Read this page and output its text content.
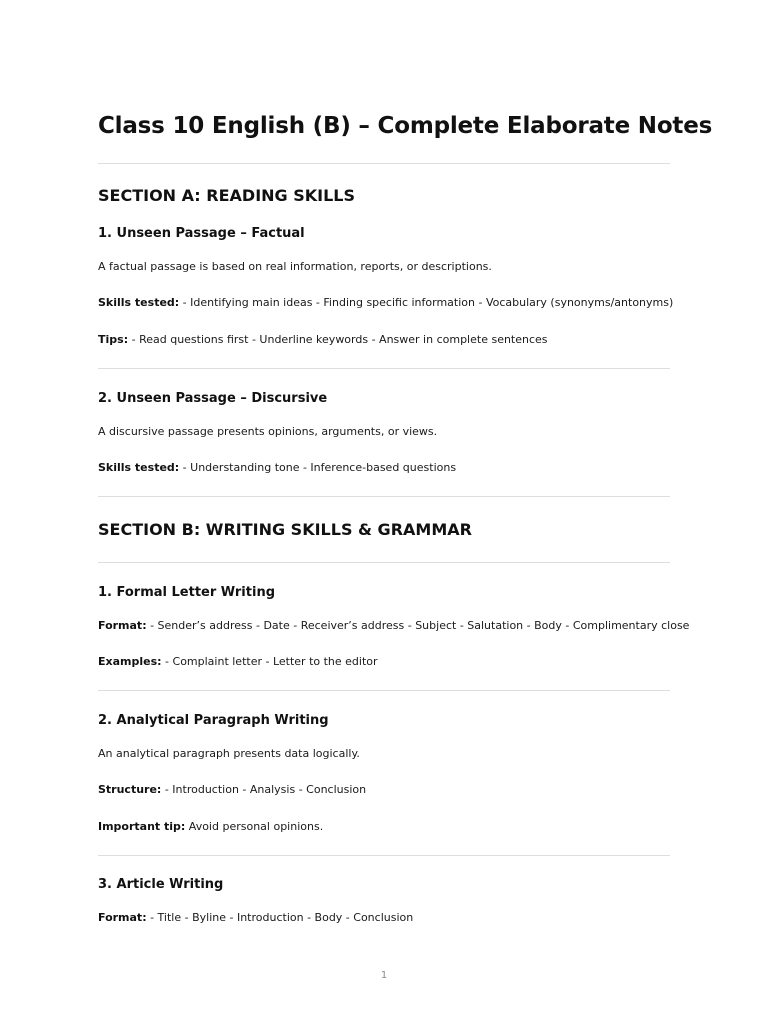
Class 10 English (B) – Complete Elaborate Notes
SECTION A: READING SKILLS
1. Unseen Passage – Factual

A factual passage is based on real information, reports, or descriptions.

Skills tested: - Identifying main ideas - Finding specific information - Vocabulary (synonyms/antonyms)

Tips: - Read questions first - Underline keywords - Answer in complete sentences

2. Unseen Passage – Discursive

A discursive passage presents opinions, arguments, or views.

Skills tested: - Understanding tone - Inference-based questions

SECTION B: WRITING SKILLS & GRAMMAR
1. Formal Letter Writing

Format: - Sender’s address - Date - Receiver’s address - Subject - Salutation - Body - Complimentary close

Examples: - Complaint letter - Letter to the editor

2. Analytical Paragraph Writing

An analytical paragraph presents data logically.

Structure: - Introduction - Analysis - Conclusion

Important tip: Avoid personal opinions.

3. Article Writing

Format: - Title - Byline - Introduction - Body - Conclusion

1
